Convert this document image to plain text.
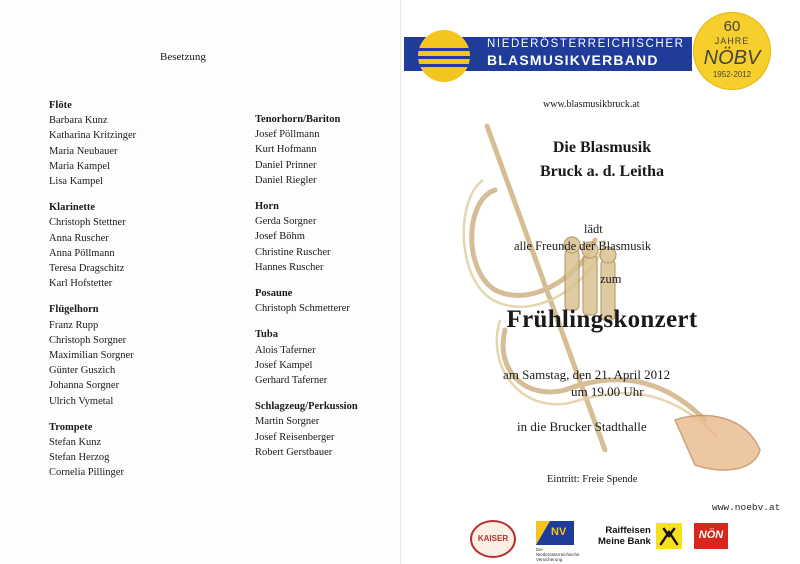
Besetzung
Flöte
Barbara Kunz
Katharina Kritzinger
Maria Neubauer
Maria Kampel
Lisa Kampel
Klarinette
Christoph Stettner
Anna Ruscher
Anna Pöllmann
Teresa Dragschitz
Karl Hofstetter
Flügelhorn
Franz Rupp
Christoph Sorgner
Maximilian Sorgner
Günter Guszich
Johanna Sorgner
Ulrich Vymetal
Trompete
Stefan Kunz
Stefan Herzog
Cornelia Pillinger
Tenorhorn/Bariton
Josef Pöllmann
Kurt Hofmann
Daniel Prinner
Daniel Riegler
Horn
Gerda Sorgner
Josef Böhm
Christine Ruscher
Hannes Ruscher
Posaune
Christoph Schmetterer
Tuba
Alois Taferner
Josef Kampel
Gerhard Taferner
Schlagzeug/Perkussion
Martin Sorgner
Josef Reisenberger
Robert Gerstbauer
NIEDERÖSTERREICHISCHER
BLASMUSIKVERBAND
60
JAHRE
NÖBV
1952-2012
www.blasmusikbruck.at
Die Blasmusik
Bruck a. d. Leitha
lädt
alle Freunde der Blasmusik
zum
Frühlingskonzert
am Samstag, den 21. April 2012
um 19.00 Uhr
in die Brucker Stadthalle
Eintritt: Freie Spende
www.noebv.at
KAISER
NV
Die Niederösterreichische Versicherung
Raiffeisen
Meine Bank
NÖN
